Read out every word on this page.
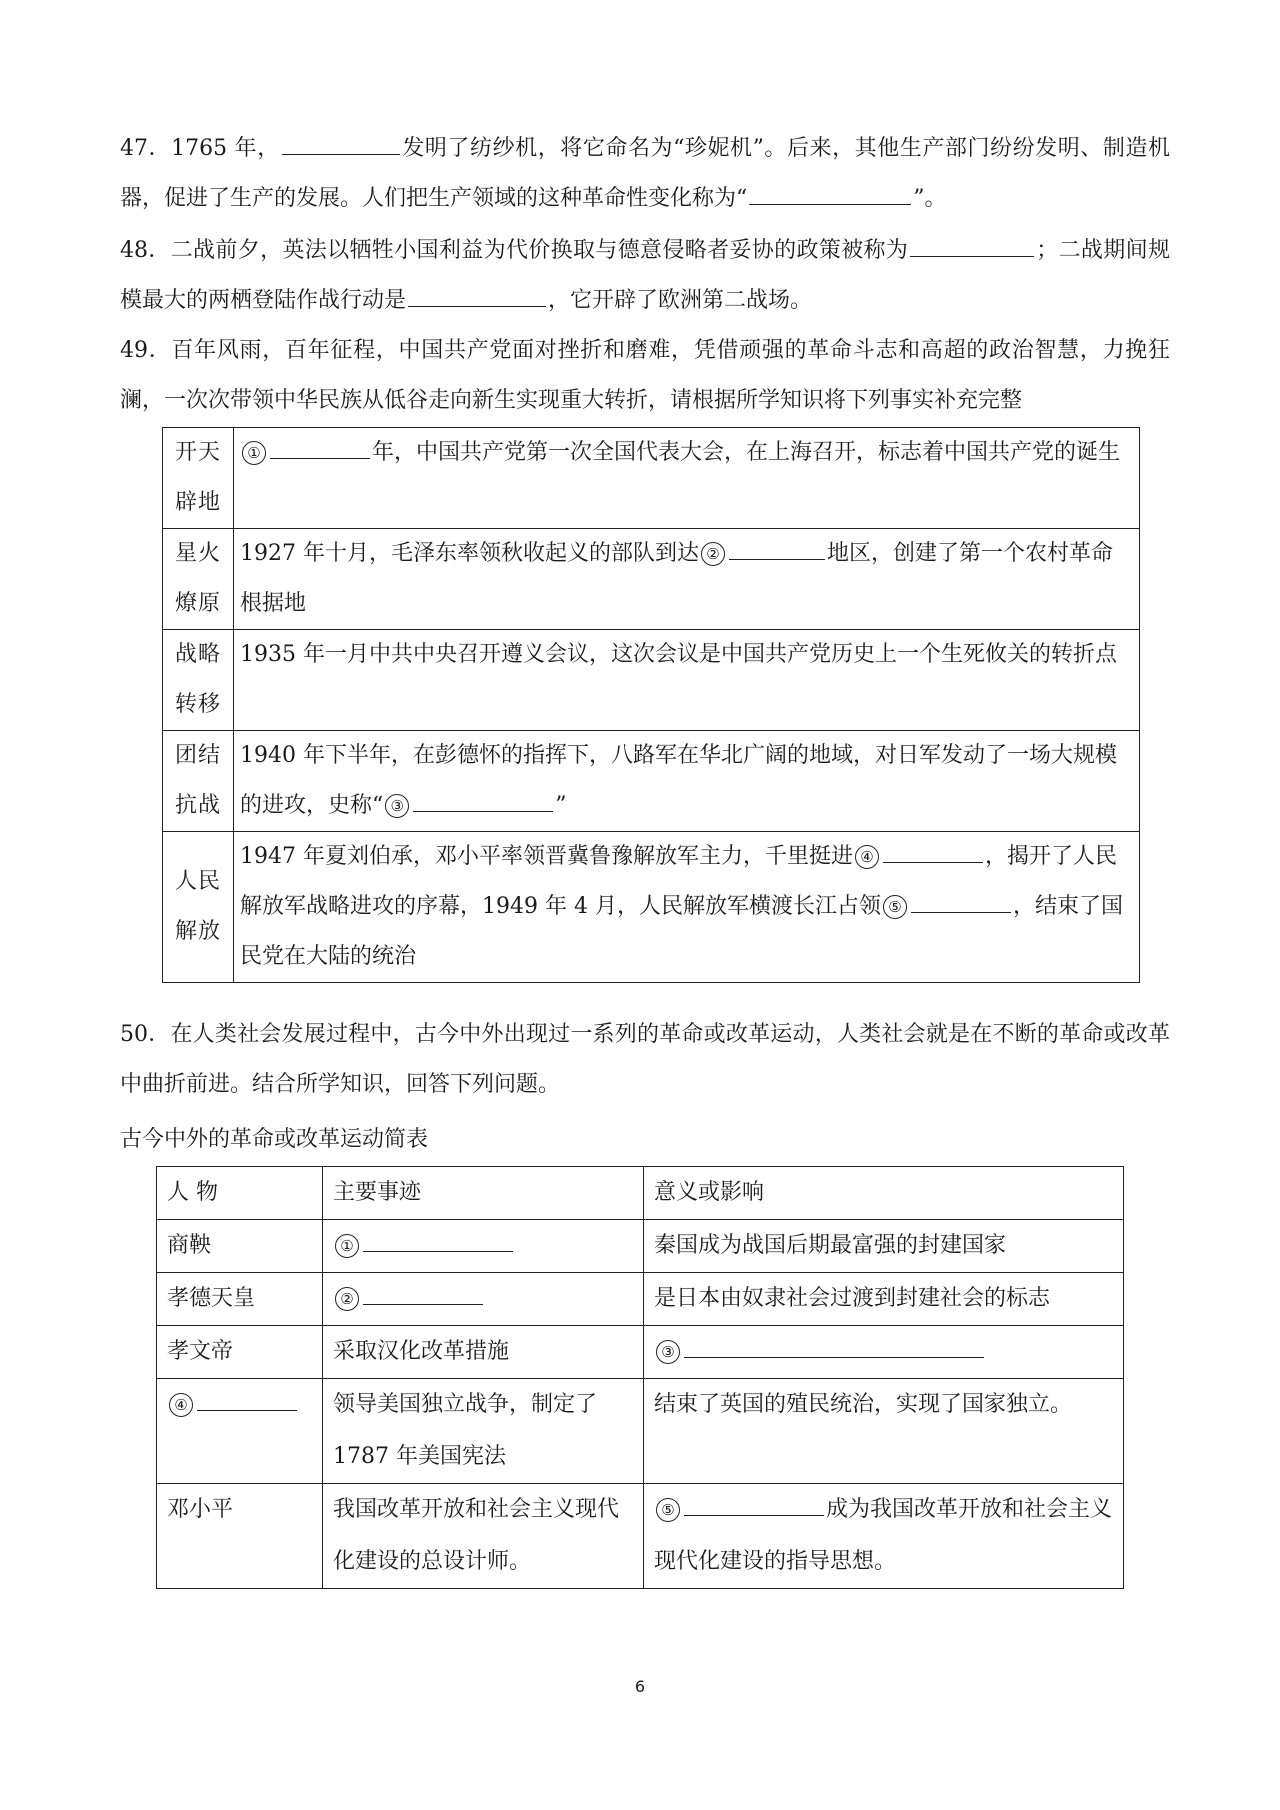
47．1765 年，	发明了纺纱机，将它命名为“珍妮机”。后来，其他生产部门纷纷发明、制造机器，促进了生产的发展。人们把生产领域的这种革命性变化称为“	”。

48．二战前夕，英法以牺牲小国利益为代价换取与德意侵略者妥协的政策被称为	；二战期间规模最大的两栖登陆作战行动是	，它开辟了欧洲第二战场。

49．百年风雨，百年征程，中国共产党面对挫折和磨难，凭借顽强的革命斗志和高超的政治智慧，力挽狂澜，一次次带领中华民族从低谷走向新生实现重大转折，请根据所学知识将下列事实补充完整

开天
辟地	① 年，中国共产党第一次全国代表大会，在上海召开，标志着中国共产党的诞生
星火
燎原	1927 年十月，毛泽东率领秋收起义的部队到达 ② 地区，创建了第一个农村革命根据地
战略
转移	1935 年一月中共中央召开遵义会议，这次会议是中国共产党历史上一个生死攸关的转折点
团结
抗战	1940 年下半年，在彭德怀的指挥下，八路军在华北广阔的地域，对日军发动了一场大规模的进攻，史称“ ③ ”
人民
解放	1947 年夏刘伯承，邓小平率领晋冀鲁豫解放军主力，千里挺进 ④ ，揭开了人民解放军战略进攻的序幕，1949 年 4 月，人民解放军横渡长江占领 ⑤ ，结束了国民党在大陆的统治

50．在人类社会发展过程中，古今中外出现过一系列的革命或改革运动，人类社会就是在不断的革命或改革中曲折前进。结合所学知识，回答下列问题。

古今中外的革命或改革运动简表
人 物	主要事迹	意义或影响
商鞅	①	秦国成为战国后期最富强的封建国家
孝德天皇	②	是日本由奴隶社会过渡到封建社会的标志
孝文帝	采取汉化改革措施	③
④	领导美国独立战争，制定了1787 年美国宪法	结束了英国的殖民统治，实现了国家独立。
邓小平	我国改革开放和社会主义现代化建设的总设计师。	⑤ 成为我国改革开放和社会主义现代化建设的指导思想。
6
